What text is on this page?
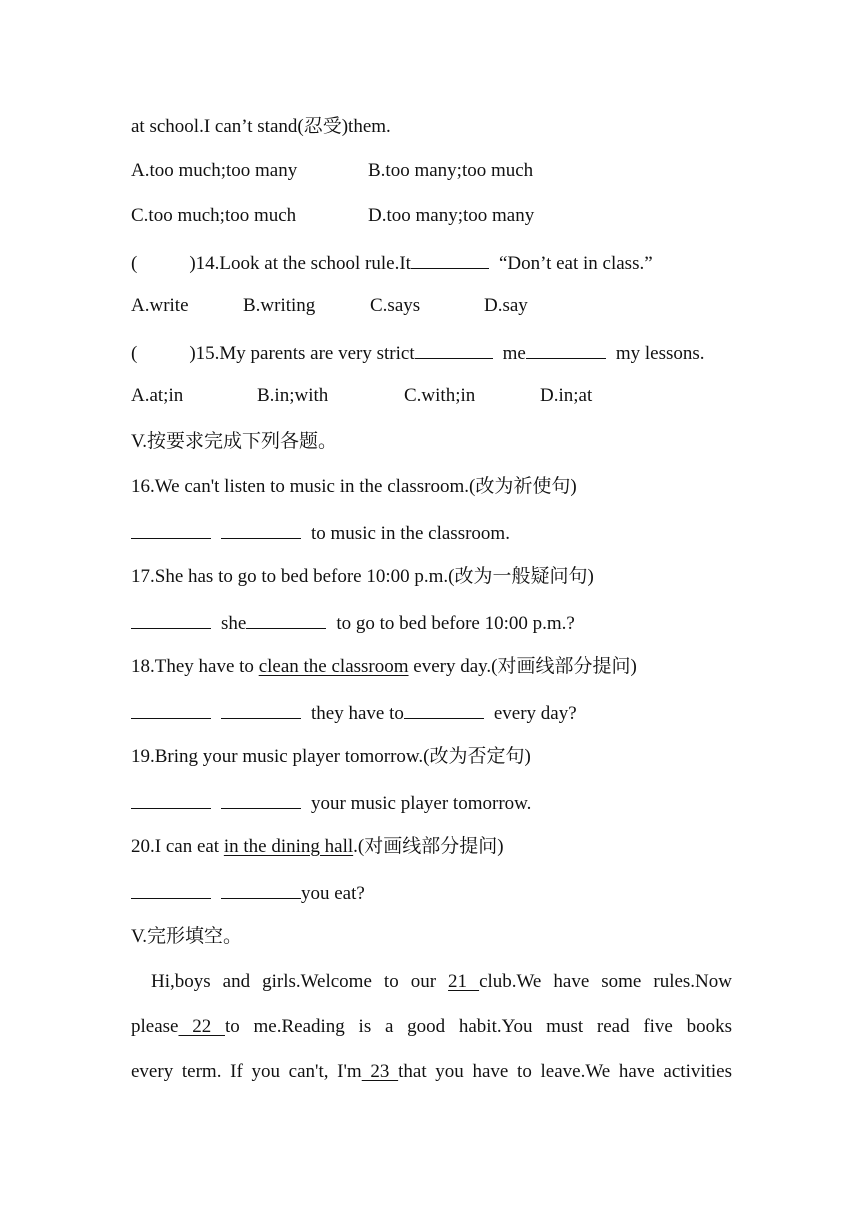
at school.I can’t stand(忍受)them.
A.too much;too many	B.too many;too much
C.too much;too much	D.too many;too many
(	)14.Look at the school rule.It	“Don’t eat in class.”
A.write	B.writing	C.says	D.say
(	)15.My parents are very strict	me	my lessons.
A.at;in	B.in;with	C.with;in	D.in;at
V.按要求完成下列各题。
16.We can't listen to music in the classroom.(改为祈使句)
to music in the classroom.
17.She has to go to bed before 10:00 p.m.(改为一般疑问句)
she	to go to bed before 10:00 p.m.?
18.They have to clean the classroom every day.(对画线部分提问)
they have to	every day?
19.Bring your music player tomorrow.(改为否定句)
your music player tomorrow.
20.I can eat in the dining hall.(对画线部分提问)
you eat?
V.完形填空。
Hi,boys and girls.Welcome to our 21 club.We have some rules.Now
please 22 to me.Reading is a good habit.You must read five books
every term. If you can't, I'm 23 that you have to leave.We have activities
